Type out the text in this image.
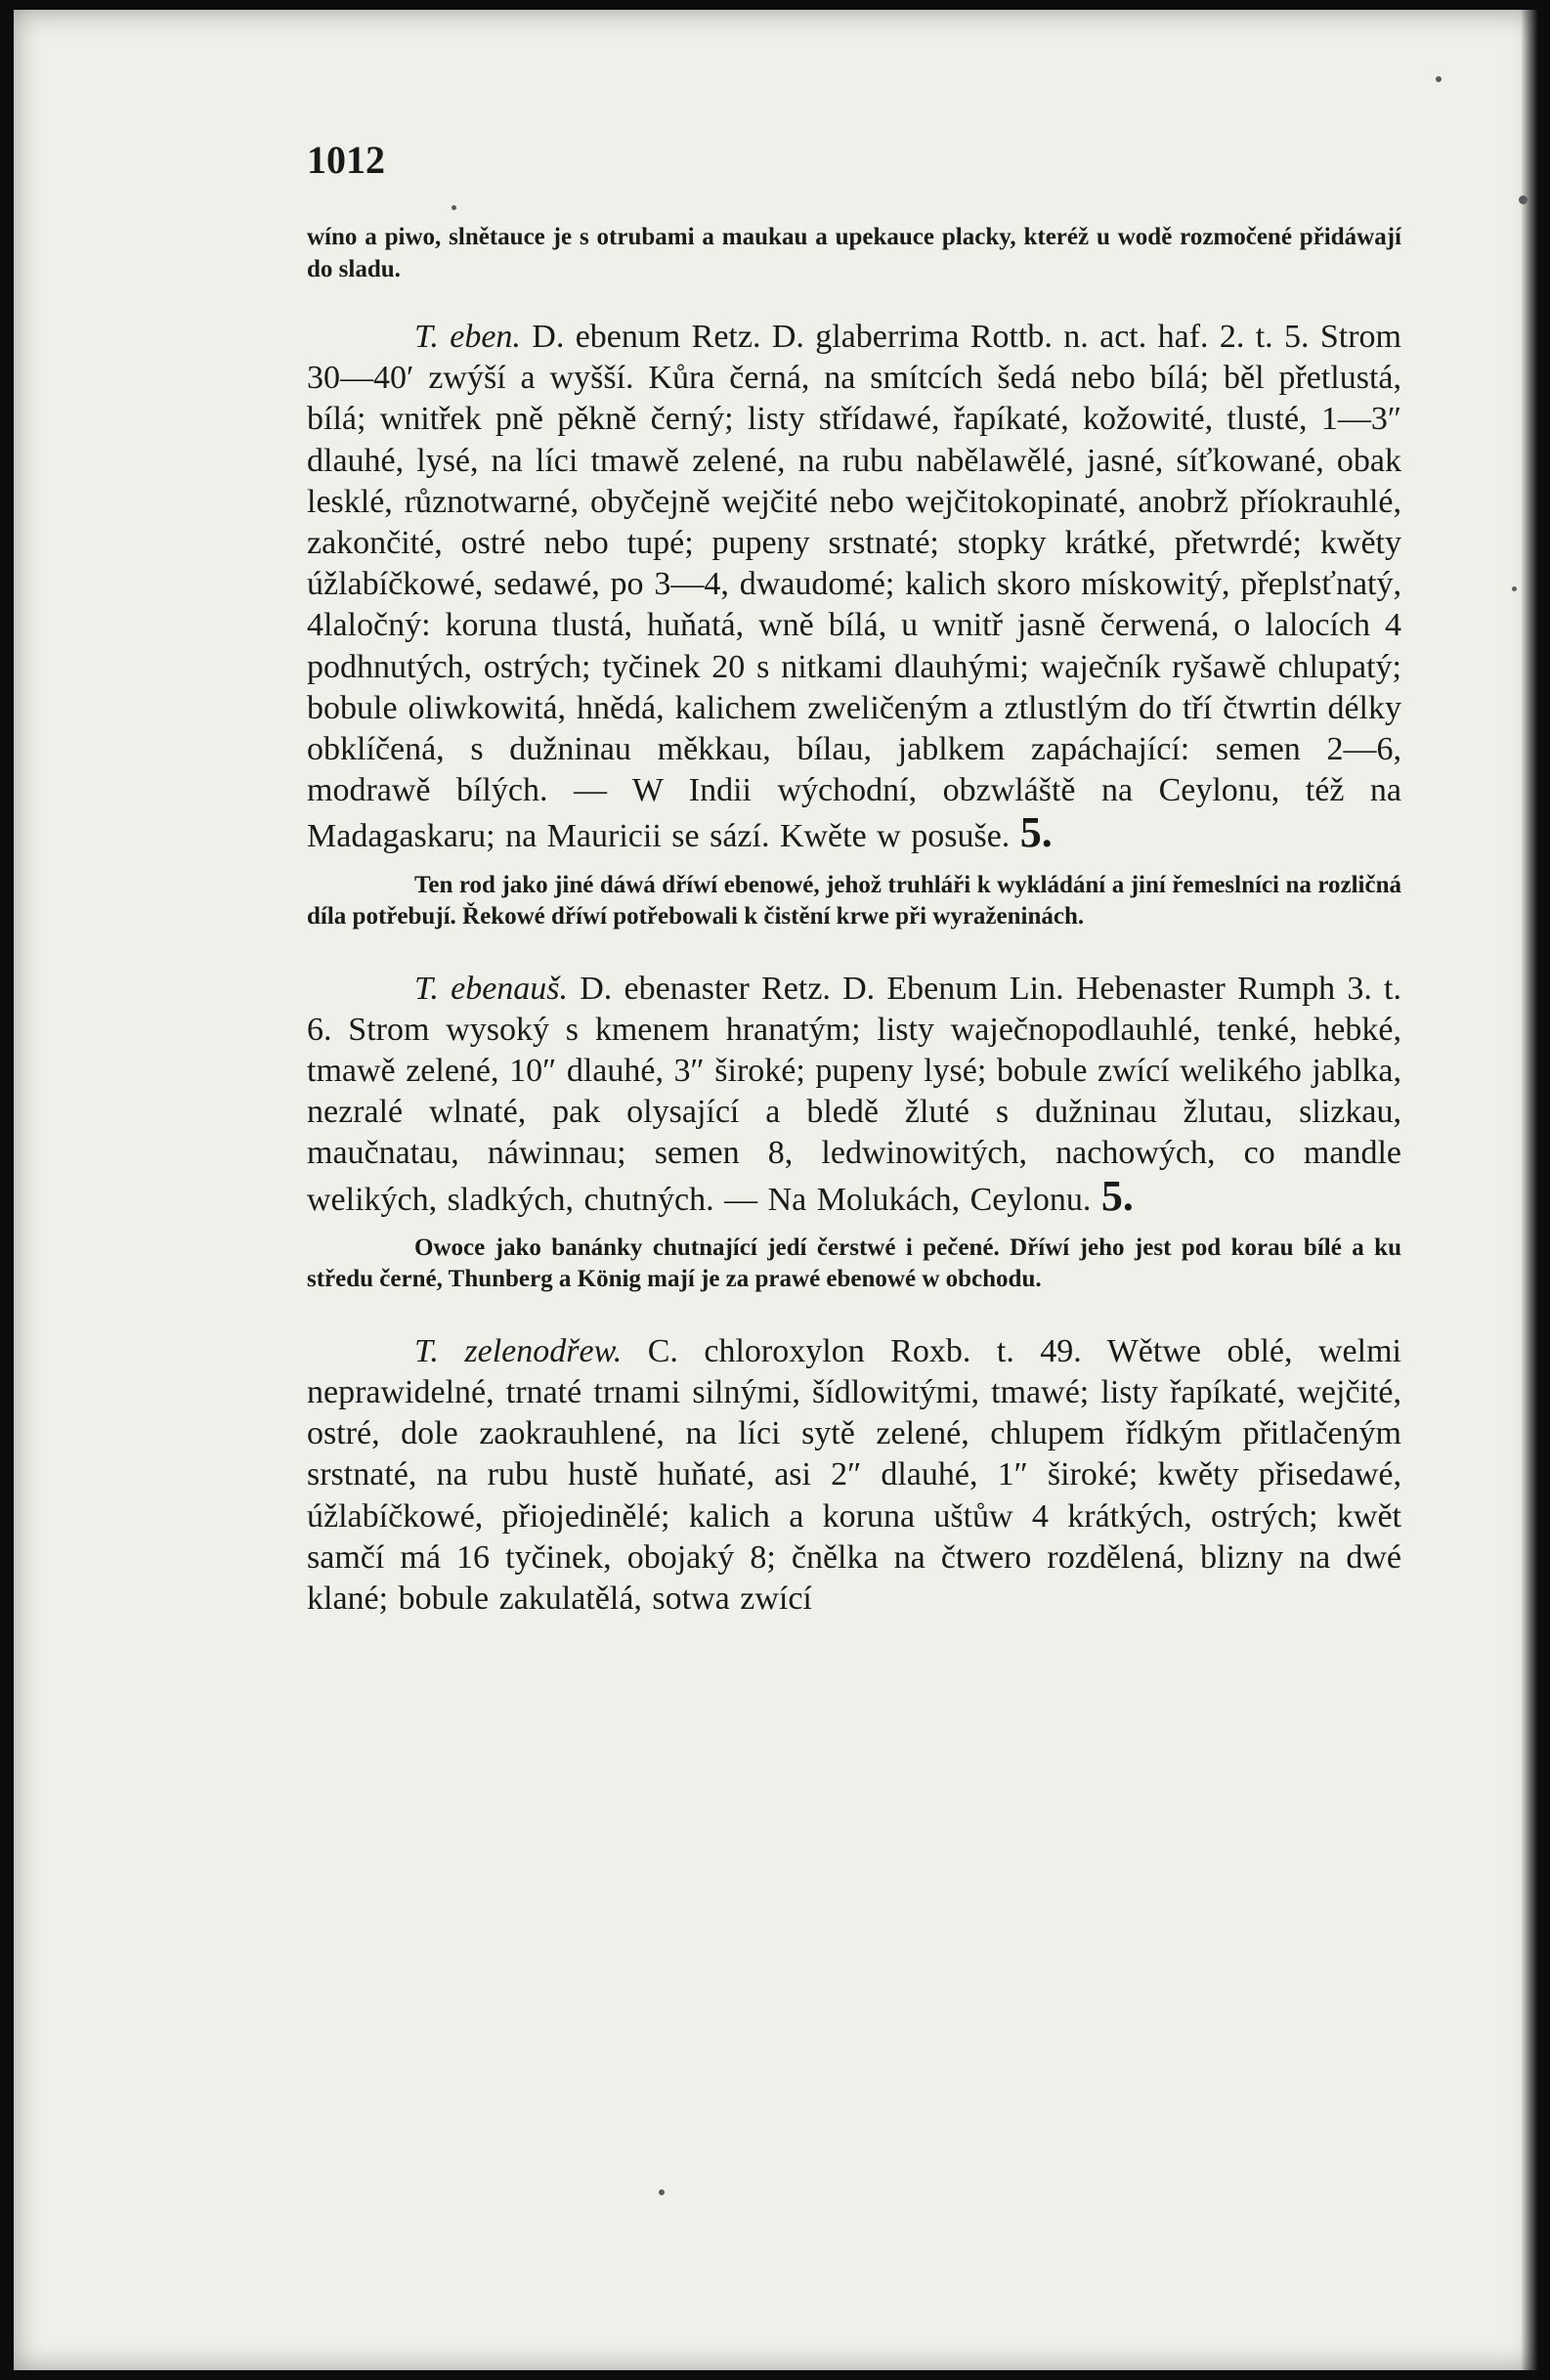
1012

wíno a piwo, slnětauce je s otrubami a maukau a upekauce placky, kteréž u wodě rozmočené přidáwají do sladu.

T. eben. D. ebenum Retz. D. glaberrima Rottb. n. act. haf. 2. t. 5. Strom 30—40′ zwýší a wyšší. Kůra černá, na smítcích šedá nebo bílá; běl přetlustá, bílá; wnitřek pně pěkně černý; listy střídawé, řapíkaté, kožowité, tlusté, 1—3″ dlauhé, lysé, na líci tmawě zelené, na rubu nabělawělé, jasné, síťkowané, obak lesklé, různotwarné, obyčejně wejčité nebo wejčitokopinaté, anobrž příokrauhlé, zakončité, ostré nebo tupé; pupeny srstnaté; stopky krátké, přetwrdé; kwěty úžlabíčkowé, sedawé, po 3—4, dwaudomé; kalich skoro mískowitý, přeplsťnatý, 4laločný: koruna tlustá, huňatá, wně bílá, u wnitř jasně čerwená, o lalocích 4 podhnutých, ostrých; tyčinek 20 s nitkami dlauhými; waječník ryšawě chlupatý; bobule oliwkowitá, hnědá, kalichem zweličeným a ztlustlým do tří čtwrtin délky obklíčená, s dužninau měkkau, bílau, jablkem zapáchající: semen 2—6, modrawě bílých. — W Indii wýchodní, obzwláště na Ceylonu, též na Madagaskaru; na Mauricii se sází. Kwěte w posuše. 5.

Ten rod jako jiné dáwá dříwí ebenowé, jehož truhláři k wykládání a jiní řemeslníci na rozličná díla potřebují. Řekowé dříwí potřebowali k čistění krwe při wyraženinách.

T. ebenauš. D. ebenaster Retz. D. Ebenum Lin. Hebenaster Rumph 3. t. 6. Strom wysoký s kmenem hranatým; listy waječnopodlauhlé, tenké, hebké, tmawě zelené, 10″ dlauhé, 3″ široké; pupeny lysé; bobule zwící welikého jablka, nezralé wlnaté, pak olysající a bledě žluté s dužninau žlutau, slizkau, maučnatau, náwinnau; semen 8, ledwinowitých, nachowých, co mandle welikých, sladkých, chutných. — Na Molukách, Ceylonu. 5.

Owoce jako banánky chutnající jedí čerstwé i pečené. Dříwí jeho jest pod korau bílé a ku středu černé, Thunberg a König mají je za prawé ebenowé w obchodu.

T. zelenodřew. C. chloroxylon Roxb. t. 49. Wětwe oblé, welmi neprawidelné, trnaté trnami silnými, šídlowitými, tmawé; listy řapíkaté, wejčité, ostré, dole zaokrauhlené, na líci sytě zelené, chlupem řídkým přitlačeným srstnaté, na rubu hustě huňaté, asi 2″ dlauhé, 1″ široké; kwěty přisedawé, úžlabíčkowé, přiojedinělé; kalich a koruna uštůw 4 krátkých, ostrých; kwět samčí má 16 tyčinek, obojaký 8; čnělka na čtwero rozdělená, blizny na dwé klané; bobule zakulatělá, sotwa zwící
